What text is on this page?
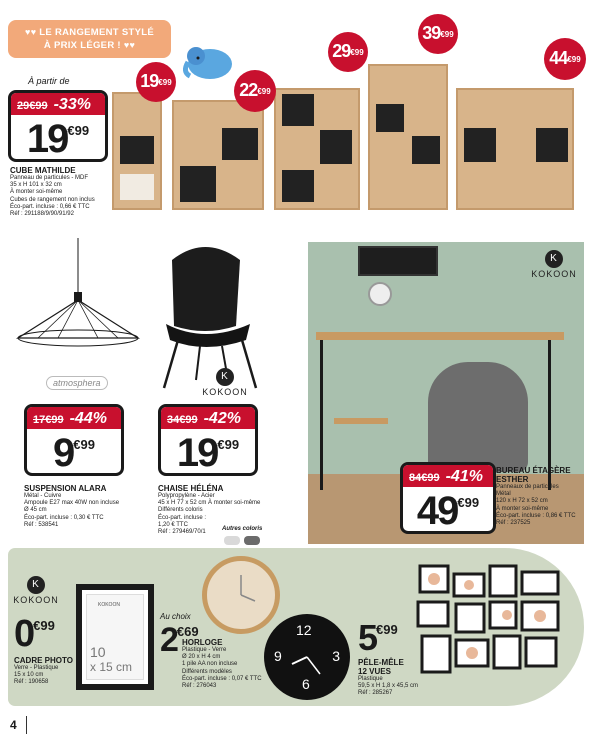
♥♥ LE RANGEMENT STYLÉ
À PRIX LÉGER ! ♥♥
$19^{€99}$	$22^{€99}$
$29^{€99}$
$39^{€99}$
$44^{€99}$
À partir de
29€99 -33%
$19^{€99}$
CUBE MATHILDE
Panneau de particules - MDF
35 x H 101 x 32 cm
À monter soi-même
Cubes de rangement non inclus
Éco-part. incluse : 0,66 € TTC
Réf : 291188/9/90/91/92
atmosphera
17€99 -44%
$9^{€99}$
SUSPENSION ALARA
Métal - Cuivre
Ampoule E27 max 40W non incluse
Ø 45 cm
Éco-part. incluse : 0,30 € TTC
Réf : 538541
K
KOKOON
34€99 -42%
$19^{€99}$
CHAISE HÉLÉNA
Polypropylène - Acier
45 x H 77 x 52 cm À monter soi-même
Différents coloris
Éco-part. incluse :
1,20 € TTC
Réf : 279469/70/1
Autres coloris
K
KOKOON
84€99 -41%
$49^{€99}$
BUREAU ÉTAGÈRE
ESTHER
Panneaux de particules
Métal
120 x H 72 x 52 cm
À monter soi-même
Éco-part. incluse : 0,86 € TTC
Réf : 237525
K
KOKOON
$0^{€99}$
CADRE PHOTO
Verre - Plastique
15 x 10 cm
Réf : 190658
KOKOON
10
x 15 cm
12
3
6
9
Au choix
$2^{€69}$
HORLOGE
Plastique - Verre
Ø 20 x H 4 cm
1 pile AA non incluse
Différents modèles
Éco-part. incluse : 0,07 € TTC
Réf : 276043
$5^{€99}$
PÊLE-MÊLE
12 VUES
Plastique
59,5 x H 1,8 x 45,5 cm
Réf : 285267
4
